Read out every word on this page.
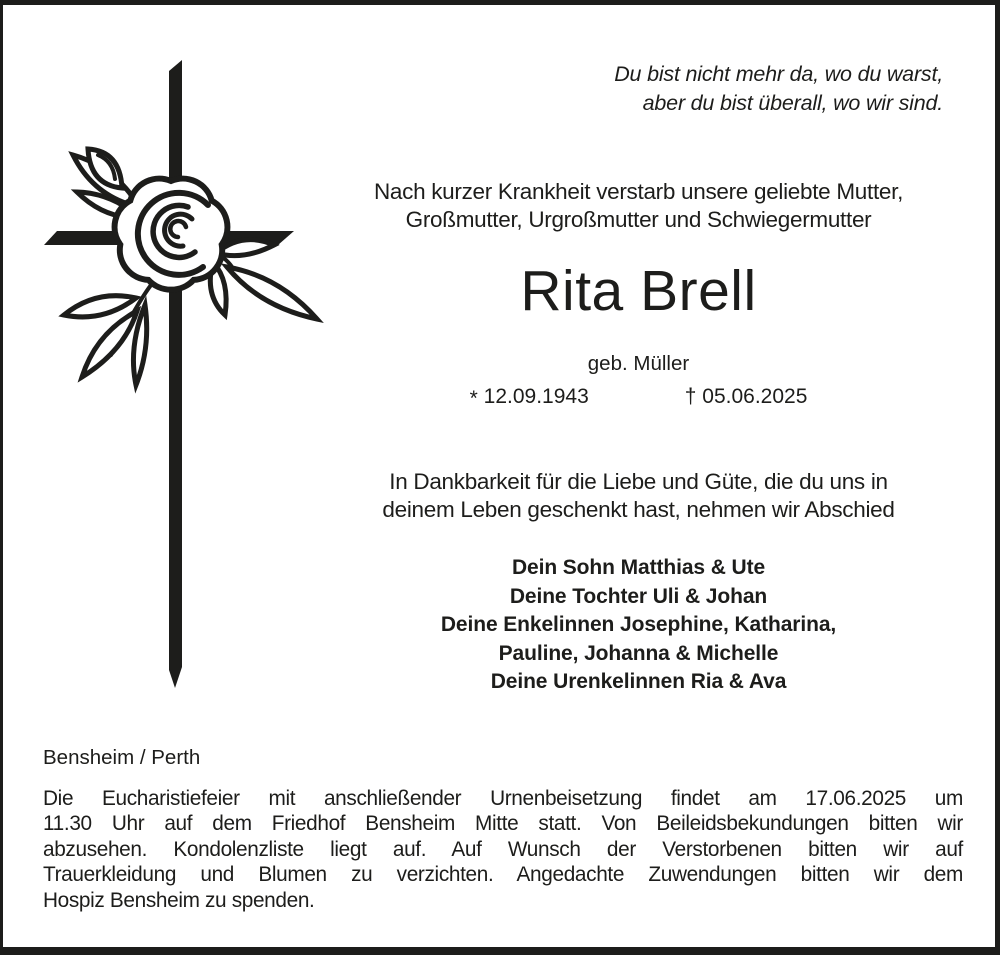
Du bist nicht mehr da, wo du warst,
aber du bist überall, wo wir sind.
Nach kurzer Krankheit verstarb unsere geliebte Mutter,
Großmutter, Urgroßmutter und Schwiegermutter
Rita Brell
geb. Müller
* 12.09.1943	† 05.06.2025
In Dankbarkeit für die Liebe und Güte, die du uns in
deinem Leben geschenkt hast, nehmen wir Abschied
Dein Sohn Matthias & Ute
Deine Tochter Uli & Johan
Deine Enkelinnen Josephine, Katharina,
Pauline, Johanna & Michelle
Deine Urenkelinnen Ria & Ava
Bensheim / Perth
Die Eucharistiefeier mit anschließender Urnenbeisetzung findet am 17.06.2025 um
11.30 Uhr auf dem Friedhof Bensheim Mitte statt. Von Beileidsbekundungen bitten wir
abzusehen. Kondolenzliste liegt auf. Auf Wunsch der Verstorbenen bitten wir auf
Trauerkleidung und Blumen zu verzichten. Angedachte Zuwendungen bitten wir dem
Hospiz Bensheim zu spenden.
